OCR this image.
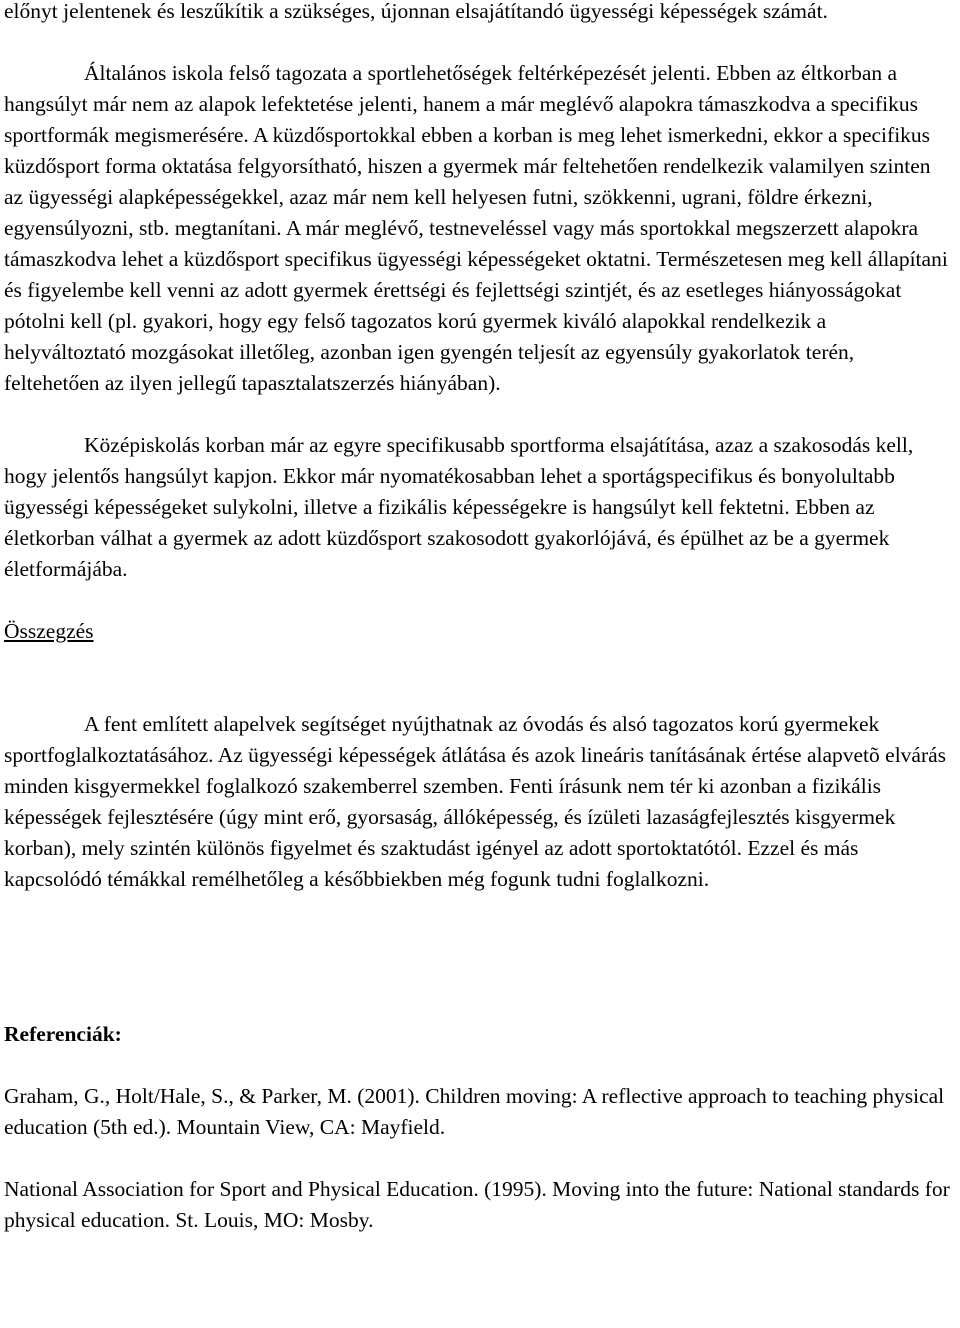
előnyt jelentenek és leszűkítik a szükséges, újonnan elsajátítandó ügyességi képességek számát.

Általános iskola felső tagozata a sportlehetőségek feltérképezését jelenti. Ebben az éltkorban a hangsúlyt már nem az alapok lefektetése jelenti, hanem a már meglévő alapokra támaszkodva a specifikus sportformák megismerésére. A küzdősportokkal ebben a korban is meg lehet ismerkedni, ekkor a specifikus küzdősport forma oktatása felgyorsítható, hiszen a gyermek már feltehetően rendelkezik valamilyen szinten az ügyességi alapképességekkel, azaz már nem kell helyesen futni, szökkenni, ugrani, földre érkezni, egyensúlyozni, stb. megtanítani. A már meglévő, testneveléssel vagy más sportokkal megszerzett alapokra támaszkodva lehet a küzdősport specifikus ügyességi képességeket oktatni. Természetesen meg kell állapítani és figyelembe kell venni az adott gyermek érettségi és fejlettségi szintjét, és az esetleges hiányosságokat pótolni kell (pl. gyakori, hogy egy felső tagozatos korú gyermek kiváló alapokkal rendelkezik a helyváltoztató mozgásokat illetőleg, azonban igen gyengén teljesít az egyensúly gyakorlatok terén, feltehetően az ilyen jellegű tapasztalatszerzés hiányában).

Középiskolás korban már az egyre specifikusabb sportforma elsajátítása, azaz a szakosodás kell, hogy jelentős hangsúlyt kapjon. Ekkor már nyomatékosabban lehet a sportágspecifikus és bonyolultabb ügyességi képességeket sulykolni, illetve a fizikális képességekre is hangsúlyt kell fektetni. Ebben az életkorban válhat a gyermek az adott küzdősport szakosodott gyakorlójává, és épülhet az be a gyermek életformájába.

Összegzés

A fent említett alapelvek segítséget nyújthatnak az óvodás és alsó tagozatos korú gyermekek sportfoglalkoztatásához. Az ügyességi képességek átlátása és azok lineáris tanításának értése alapvetõ elvárás minden kisgyermekkel foglalkozó szakemberrel szemben. Fenti írásunk nem tér ki azonban a fizikális képességek fejlesztésére (úgy mint erő, gyorsaság, állóképesség, és ízületi lazaságfejlesztés kisgyermek korban), mely szintén különös figyelmet és szaktudást igényel az adott sportoktatótól. Ezzel és más kapcsolódó témákkal remélhetőleg a későbbiekben még fogunk tudni foglalkozni.

Referenciák:

Graham, G., Holt/Hale, S., & Parker, M. (2001). Children moving: A reflective approach to teaching physical education (5th ed.). Mountain View, CA: Mayfield.

National Association for Sport and Physical Education. (1995). Moving into the future: National standards for physical education. St. Louis, MO: Mosby.
